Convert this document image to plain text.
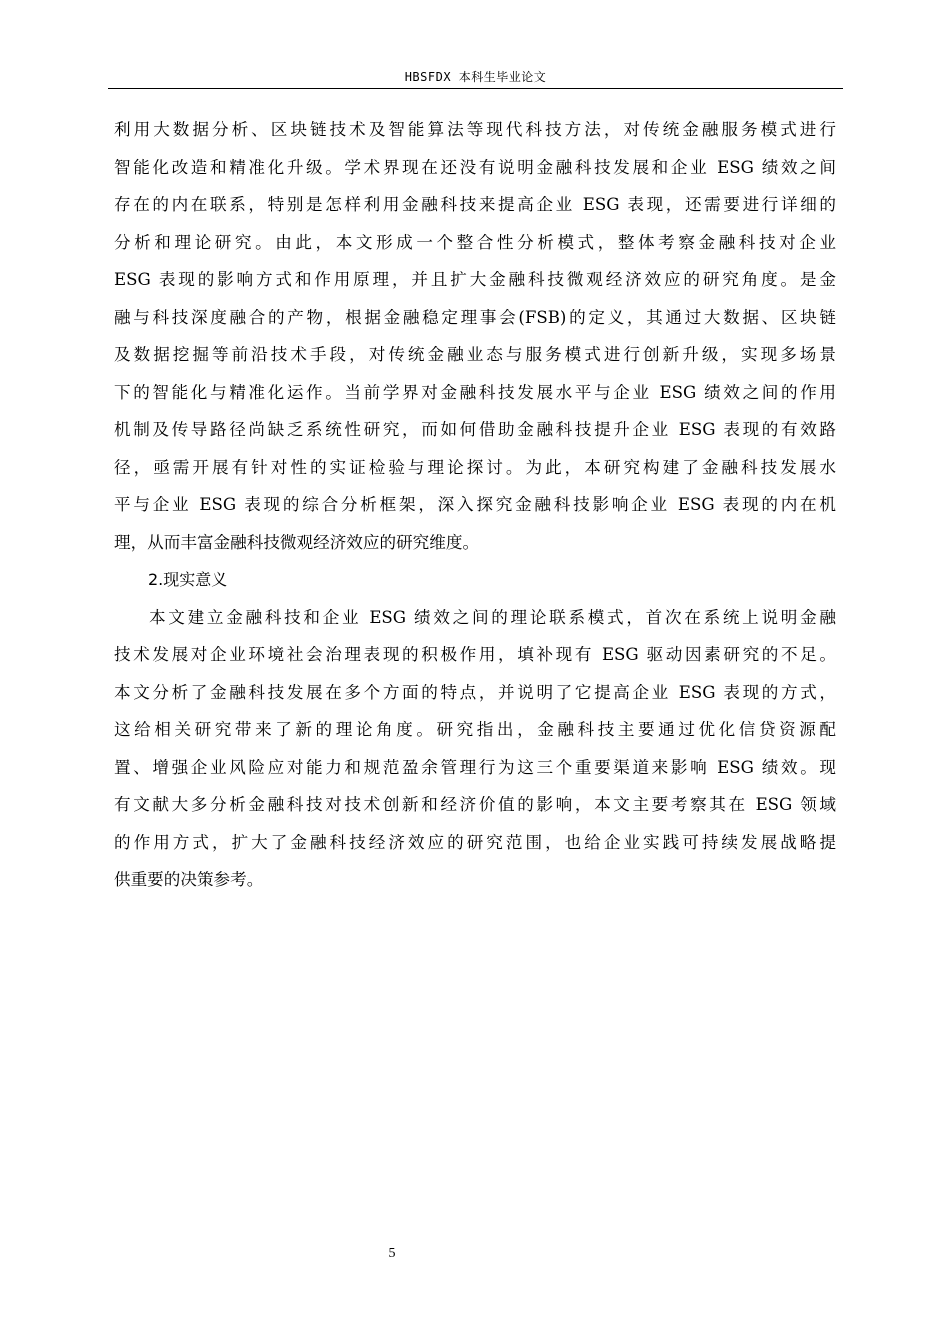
HBSFDX 本科生毕业论文
利用大数据分析、区块链技术及智能算法等现代科技方法，对传统金融服务模式进行
智能化改造和精准化升级。学术界现在还没有说明金融科技发展和企业 ESG 绩效之间
存在的内在联系，特别是怎样利用金融科技来提高企业 ESG 表现，还需要进行详细的
分析和理论研究。由此，本文形成一个整合性分析模式，整体考察金融科技对企业
ESG 表现的影响方式和作用原理，并且扩大金融科技微观经济效应的研究角度。是金
融与科技深度融合的产物，根据金融稳定理事会(FSB)的定义，其通过大数据、区块链
及数据挖掘等前沿技术手段，对传统金融业态与服务模式进行创新升级，实现多场景
下的智能化与精准化运作。当前学界对金融科技发展水平与企业 ESG 绩效之间的作用
机制及传导路径尚缺乏系统性研究，而如何借助金融科技提升企业 ESG 表现的有效路
径，亟需开展有针对性的实证检验与理论探讨。为此，本研究构建了金融科技发展水
平与企业 ESG 表现的综合分析框架，深入探究金融科技影响企业 ESG 表现的内在机
理，从而丰富金融科技微观经济效应的研究维度。
2.现实意义
本文建立金融科技和企业 ESG 绩效之间的理论联系模式，首次在系统上说明金融
技术发展对企业环境社会治理表现的积极作用，填补现有 ESG 驱动因素研究的不足。
本文分析了金融科技发展在多个方面的特点，并说明了它提高企业 ESG 表现的方式，
这给相关研究带来了新的理论角度。研究指出，金融科技主要通过优化信贷资源配
置、增强企业风险应对能力和规范盈余管理行为这三个重要渠道来影响 ESG 绩效。现
有文献大多分析金融科技对技术创新和经济价值的影响，本文主要考察其在 ESG 领域
的作用方式，扩大了金融科技经济效应的研究范围，也给企业实践可持续发展战略提
供重要的决策参考。
5
